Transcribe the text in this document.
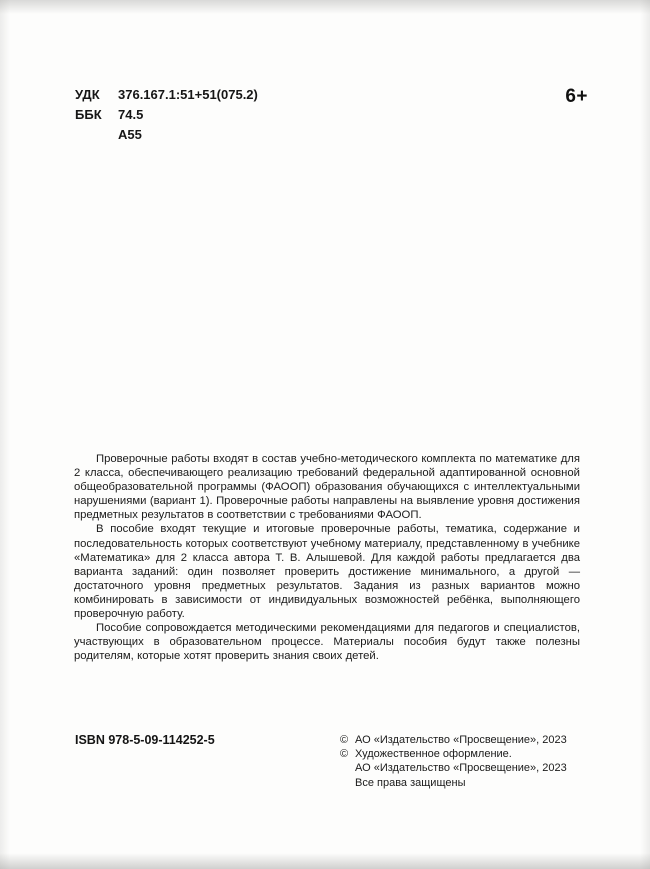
УДК	376.167.1:51+51(075.2)
ББК	74.5
А55
6+

Проверочные работы входят в состав учебно-методического комплекта по математике для 2 класса, обеспечивающего реализацию требований федеральной адаптированной основной общеобразовательной программы (ФАООП) образования обучающихся с интеллектуальными нарушениями (вариант 1). Проверочные работы направлены на выявление уровня достижения предметных результатов в соответствии с требованиями ФАООП.

В пособие входят текущие и итоговые проверочные работы, тематика, содержание и последовательность которых соответствуют учебному материалу, представленному в учебнике «Математика» для 2 класса автора Т. В. Алышевой. Для каждой работы предлагается два варианта заданий: один позволяет проверить достижение минимального, а другой — достаточного уровня предметных результатов. Задания из разных вариантов можно комбинировать в зависимости от индивидуальных возможностей ребёнка, выполняющего проверочную работу.

Пособие сопровождается методическими рекомендациями для педагогов и специалистов, участвующих в образовательном процессе. Материалы пособия будут также полезны родителям, которые хотят проверить знания своих детей.

ISBN 978-5-09-114252-5	© АО «Издательство «Просвещение», 2023
© Художественное оформление.
АО «Издательство «Просвещение», 2023
Все права защищены
